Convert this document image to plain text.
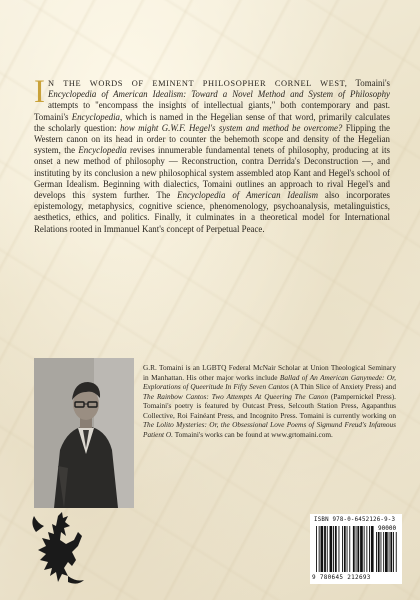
I N THE WORDS OF EMINENT PHILOSOPHER CORNEL WEST, Tomaini's Encyclopedia of American Idealism: Toward a Novel Method and System of Philosophy attempts to "encompass the insights of intellectual giants," both contemporary and past. Tomaini's Encyclopedia, which is named in the Hegelian sense of that word, primarily calculates the scholarly question: how might G.W.F. Hegel's system and method be overcome? Flipping the Western canon on its head in order to counter the behemoth scope and density of the Hegelian system, the Encyclopedia revises innumerable fundamental tenets of philosophy, producing at its onset a new method of philosophy — Reconstruction, contra Derrida's Deconstruction —, and instituting by its conclusion a new philosophical system assembled atop Kant and Hegel's school of German Idealism. Beginning with dialectics, Tomaini outlines an approach to rival Hegel's and develops this system further. The Encyclopedia of American Idealism also incorporates epistemology, metaphysics, cognitive science, phenomenology, psychoanalysis, metalinguistics, aesthetics, ethics, and politics. Finally, it culminates in a theoretical model for International Relations rooted in Immanuel Kant's concept of Perpetual Peace.
G.R. Tomaini is an LGBTQ Federal McNair Scholar at Union Theological Seminary in Manhattan. His other major works include Ballad of An American Ganymede: Or, Explorations of Queeritude In Fifty Seven Cantos (A Thin Slice of Anxiety Press) and The Rainbow Cantos: Two Attempts At Queering The Canon (Pampernickel Press). Tomaini's poetry is featured by Outcast Press, Selcouth Station Press, Agapanthus Collective, Roi Fainéant Press, and Incognito Press. Tomaini is currently working on The Lolito Mysteries: Or, the Obsessional Love Poems of Sigmund Freud's Infamous Patient O. Tomaini's works can be found at www.grtomaini.com.
ISBN 978-0-6452126-9-3
90000
9 780645 212693
